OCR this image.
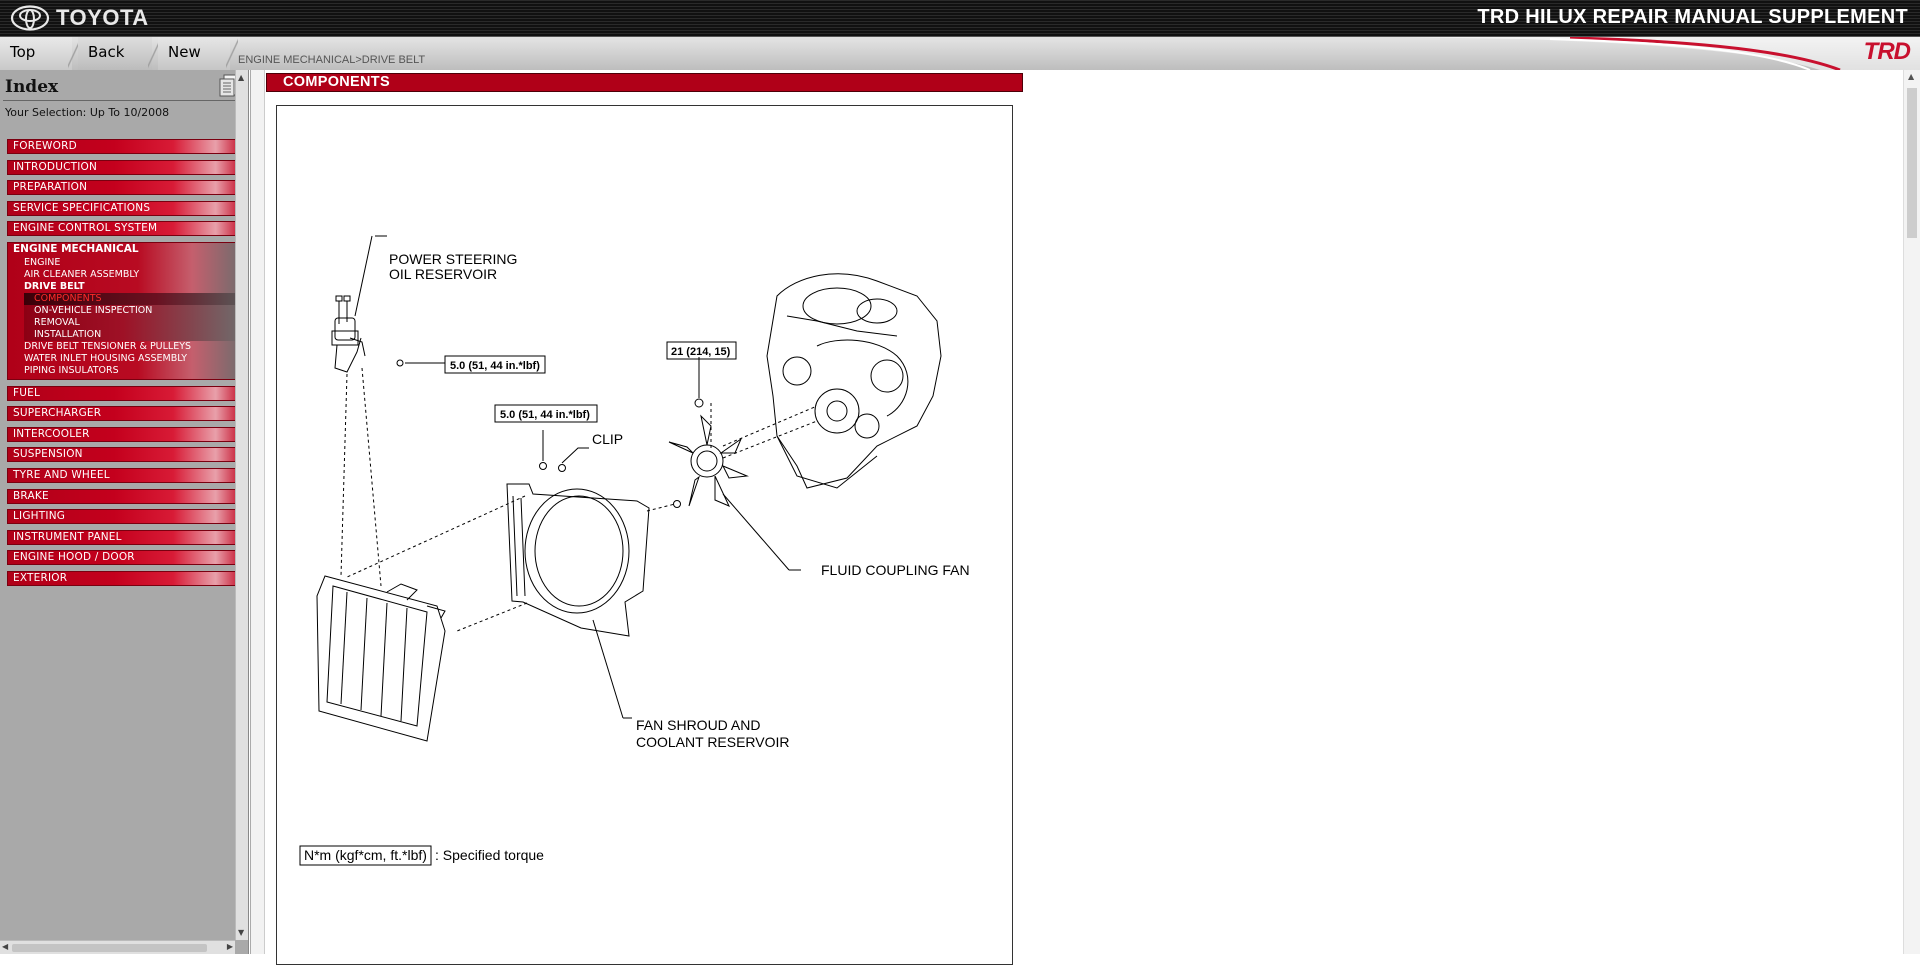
TOYOTA	TRD HILUX REPAIR MANUAL SUPPLEMENT
Top	Back	New	ENGINE MECHANICAL>DRIVE BELT	TRD
Index
Your Selection: Up To 10/2008
FOREWORD
INTRODUCTION
PREPARATION
SERVICE SPECIFICATIONS
ENGINE CONTROL SYSTEM
ENGINE MECHANICAL
ENGINE
AIR CLEANER ASSEMBLY
DRIVE BELT
COMPONENTS
ON-VEHICLE INSPECTION
REMOVAL
INSTALLATION
DRIVE BELT TENSIONER & PULLEYS
WATER INLET HOUSING ASSEMBLY
PIPING INSULATORS
FUEL
SUPERCHARGER
INTERCOOLER
SUSPENSION
TYRE AND WHEEL
BRAKE
LIGHTING
INSTRUMENT PANEL
ENGINE HOOD / DOOR
EXTERIOR
▲
▼
◀	▶
COMPONENTS
POWER STEERING
OIL RESERVOIR
5.0 (51, 44 in.*lbf)
21 (214, 15)
5.0 (51, 44 in.*lbf)
CLIP
FLUID COUPLING FAN
FAN SHROUD AND
COOLANT RESERVOIR
N*m (kgf*cm, ft.*lbf) : Specified torque
▲
